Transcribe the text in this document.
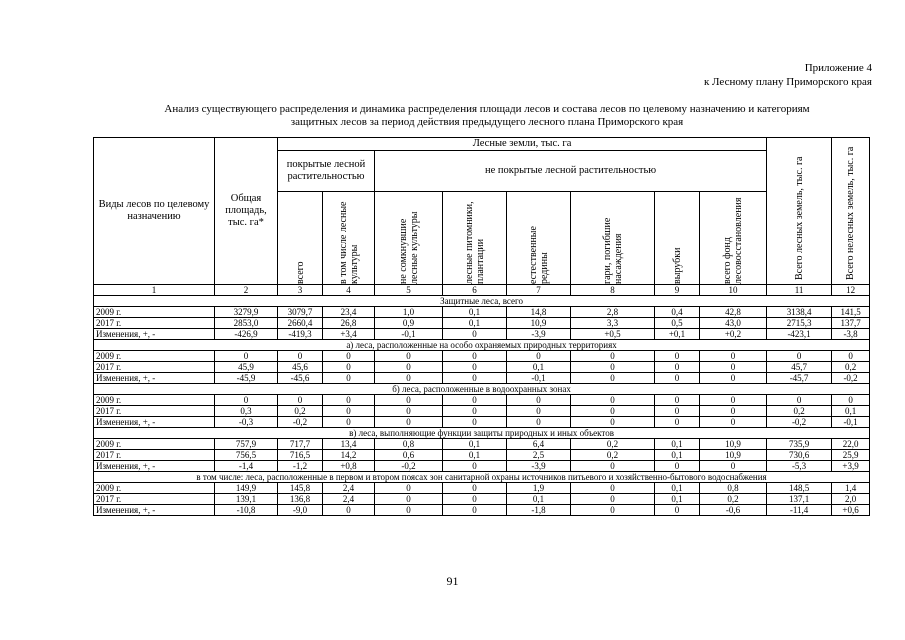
Приложение 4
к Лесному плану Приморского края
Анализ существующего распределения и динамика распределения площади лесов и состава лесов по целевому назначению и категориям
защитных лесов за период действия предыдущего лесного плана Приморского края
Виды лесов по целевому назначению	Общая площадь, тыс. га*	Лесные земли, тыс. га								Всего лесных земель, тыс. га	Всего нелесных земель, тыс. га

		покрытые лесной растительностью		не покрытые лесной растительностью							

		всего	в том числе лесные культуры	не сомкнувшие лесные культуры	лесные питомники, плантации	естественные редины	гари, погибшие насаждения	вырубки	всего фонд лесовосстановления		

1	2	3	4	5	6	7	8	9	10	11	12
Защитные леса, всего											
2009 г.	3279,9	3079,7	23,4	1,0	0,1	14,8	2,8	0,4	42,8	3138,4	141,5
2017 г.	2853,0	2660,4	26,8	0,9	0,1	10,9	3,3	0,5	43,0	2715,3	137,7
Изменения, +, -	-426,9	-419,3	+3,4	-0,1	0	-3,9	+0,5	+0,1	+0,2	-423,1	-3,8
а) леса, расположенные на особо охраняемых природных территориях											
2009 г.	0	0	0	0	0	0	0	0	0	0	0
2017 г.	45,9	45,6	0	0	0	0,1	0	0	0	45,7	0,2
Изменения, +, -	-45,9	-45,6	0	0	0	-0,1	0	0	0	-45,7	-0,2
б) леса, расположенные в водоохранных зонах											
2009 г.	0	0	0	0	0	0	0	0	0	0	0
2017 г.	0,3	0,2	0	0	0	0	0	0	0	0,2	0,1
Изменения, +, -	-0,3	-0,2	0	0	0	0	0	0	0	-0,2	-0,1
в) леса, выполняющие функции защиты природных и иных объектов											
2009 г.	757,9	717,7	13,4	0,8	0,1	6,4	0,2	0,1	10,9	735,9	22,0
2017 г.	756,5	716,5	14,2	0,6	0,1	2,5	0,2	0,1	10,9	730,6	25,9
Изменения, +, -	-1,4	-1,2	+0,8	-0,2	0	-3,9	0	0	0	-5,3	+3,9
в том числе: леса, расположенные в первом и втором поясах зон санитарной охраны источников питьевого и хозяйственно-бытового водоснабжения											
2009 г.	149,9	145,8	2,4	0	0	1,9	0	0,1	0,8	148,5	1,4
2017 г.	139,1	136,8	2,4	0	0	0,1	0	0,1	0,2	137,1	2,0
Изменения, +, -	-10,8	-9,0	0	0	0	-1,8	0	0	-0,6	-11,4	+0,6
91
